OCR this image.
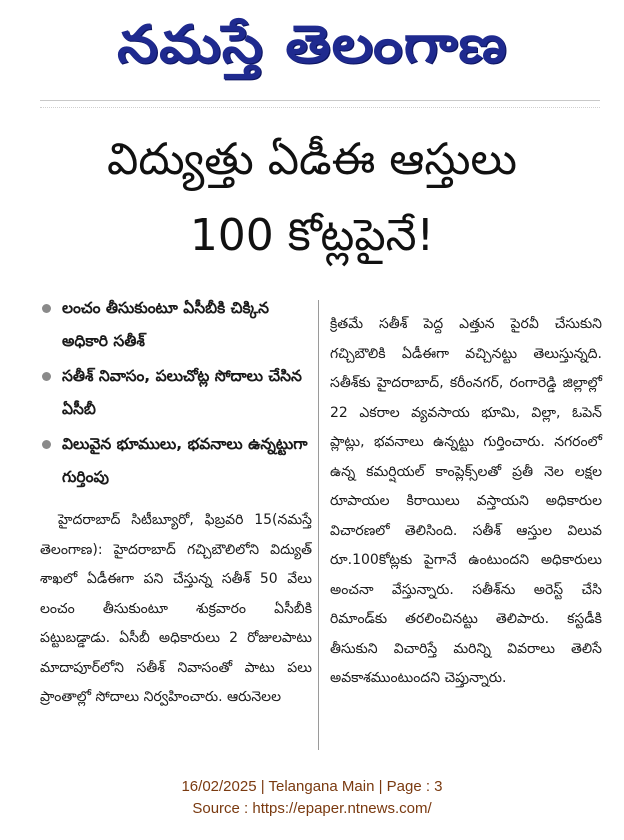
నమస్తే తెలంగాణ
విద్యుత్తు ఏడీఈ ఆస్తులు
100 కోట్లపైనే!
లంచం తీసుకుంటూ ఏసీబీకి చిక్కిన అధికారి సతీశ్
సతీశ్ నివాసం, పలుచోట్ల సోదాలు చేసిన ఏసీబీ
విలువైన భూములు, భవనాలు ఉన్నట్టుగా గుర్తింపు

హైదరాబాద్ సిటీబ్యూరో, ఫిబ్రవరి 15(నమస్తే తెలంగాణ): హైదరాబాద్ గచ్చిబౌలిలోని విద్యుత్ శాఖలో ఏడీఈగా పని చేస్తున్న సతీశ్ 50 వేలు లంచం తీసుకుంటూ శుక్రవారం ఏసీబీకి పట్టుబడ్డాడు. ఏసీబీ అధికారులు 2 రోజులపాటు మాదాపూర్‌లోని సతీశ్ నివాసంతో పాటు పలు ప్రాంతాల్లో సోదాలు నిర్వహించారు. ఆరునెలల

క్రితమే సతీశ్ పెద్ద ఎత్తున పైరవీ చేసుకుని గచ్చిబౌలికి ఏడీఈగా వచ్చినట్టు తెలుస్తున్నది. సతీశ్‌కు హైదరాబాద్, కరీంనగర్, రంగారెడ్డి జిల్లాల్లో 22 ఎకరాల వ్యవసాయ భూమి, విల్లా, ఓపెన్ ప్లాట్లు, భవనాలు ఉన్నట్టు గుర్తించారు. నగరంలో ఉన్న కమర్షియల్ కాంప్లెక్స్‌లతో ప్రతీ నెల లక్షల రూపాయల కిరాయిలు వస్తాయని అధికారుల విచారణలో తెలిసింది. సతీశ్ ఆస్తుల విలువ రూ.100కోట్లకు పైగానే ఉంటుందని అధికారులు అంచనా వేస్తున్నారు. సతీశ్‌ను అరెస్ట్ చేసి రిమాండ్‌కు తరలించినట్టు తెలిపారు. కస్టడీకి తీసుకుని విచారిస్తే మరిన్ని వివరాలు తెలిసే అవకాశముంటుందని చెప్తున్నారు.

16/02/2025 | Telangana Main | Page : 3
Source : https://epaper.ntnews.com/
